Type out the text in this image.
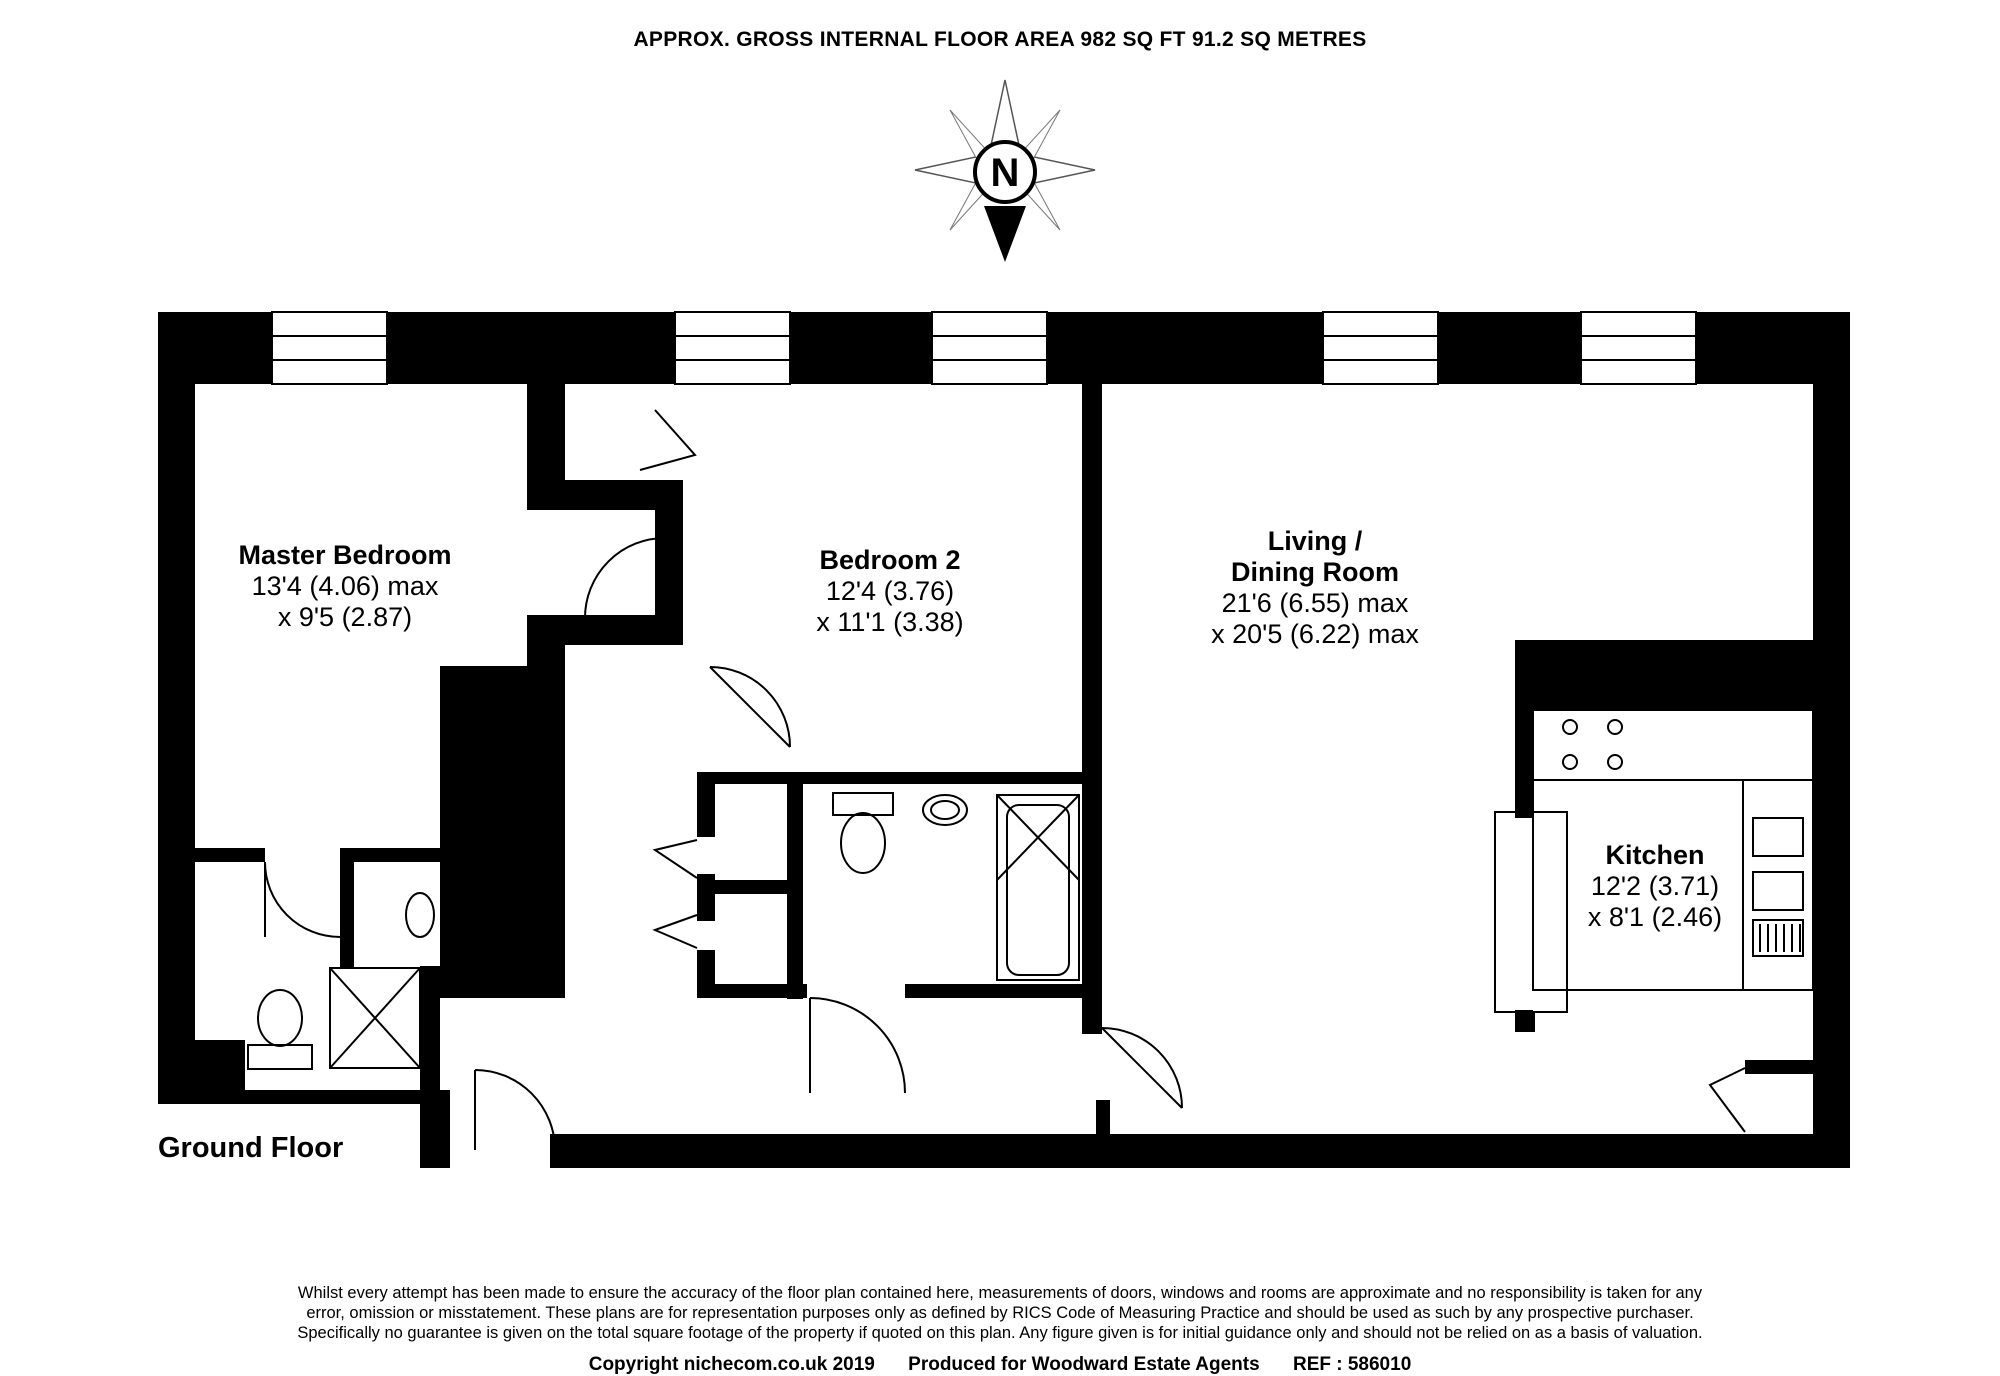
APPROX. GROSS INTERNAL FLOOR AREA 982 SQ FT 91.2 SQ METRES
N
Master Bedroom
13'4 (4.06) max
x 9'5 (2.87)
Bedroom 2
12'4 (3.76)
x 11'1 (3.38)
Living /
Dining Room
21'6 (6.55) max
x 20'5 (6.22) max
Kitchen
12'2 (3.71)
x 8'1 (2.46)
Ground Floor
Whilst every attempt has been made to ensure the accuracy of the floor plan contained here, measurements of doors, windows and rooms are approximate and no responsibility is taken for any
error, omission or misstatement. These plans are for representation purposes only as defined by RICS Code of Measuring Practice and should be used as such by any prospective purchaser.
Specifically no guarantee is given on the total square footage of the property if quoted on this plan. Any figure given is for initial guidance only and should not be relied on as a basis of valuation.
Copyright nichecom.co.uk 2019 Produced for Woodward Estate Agents REF : 586010
